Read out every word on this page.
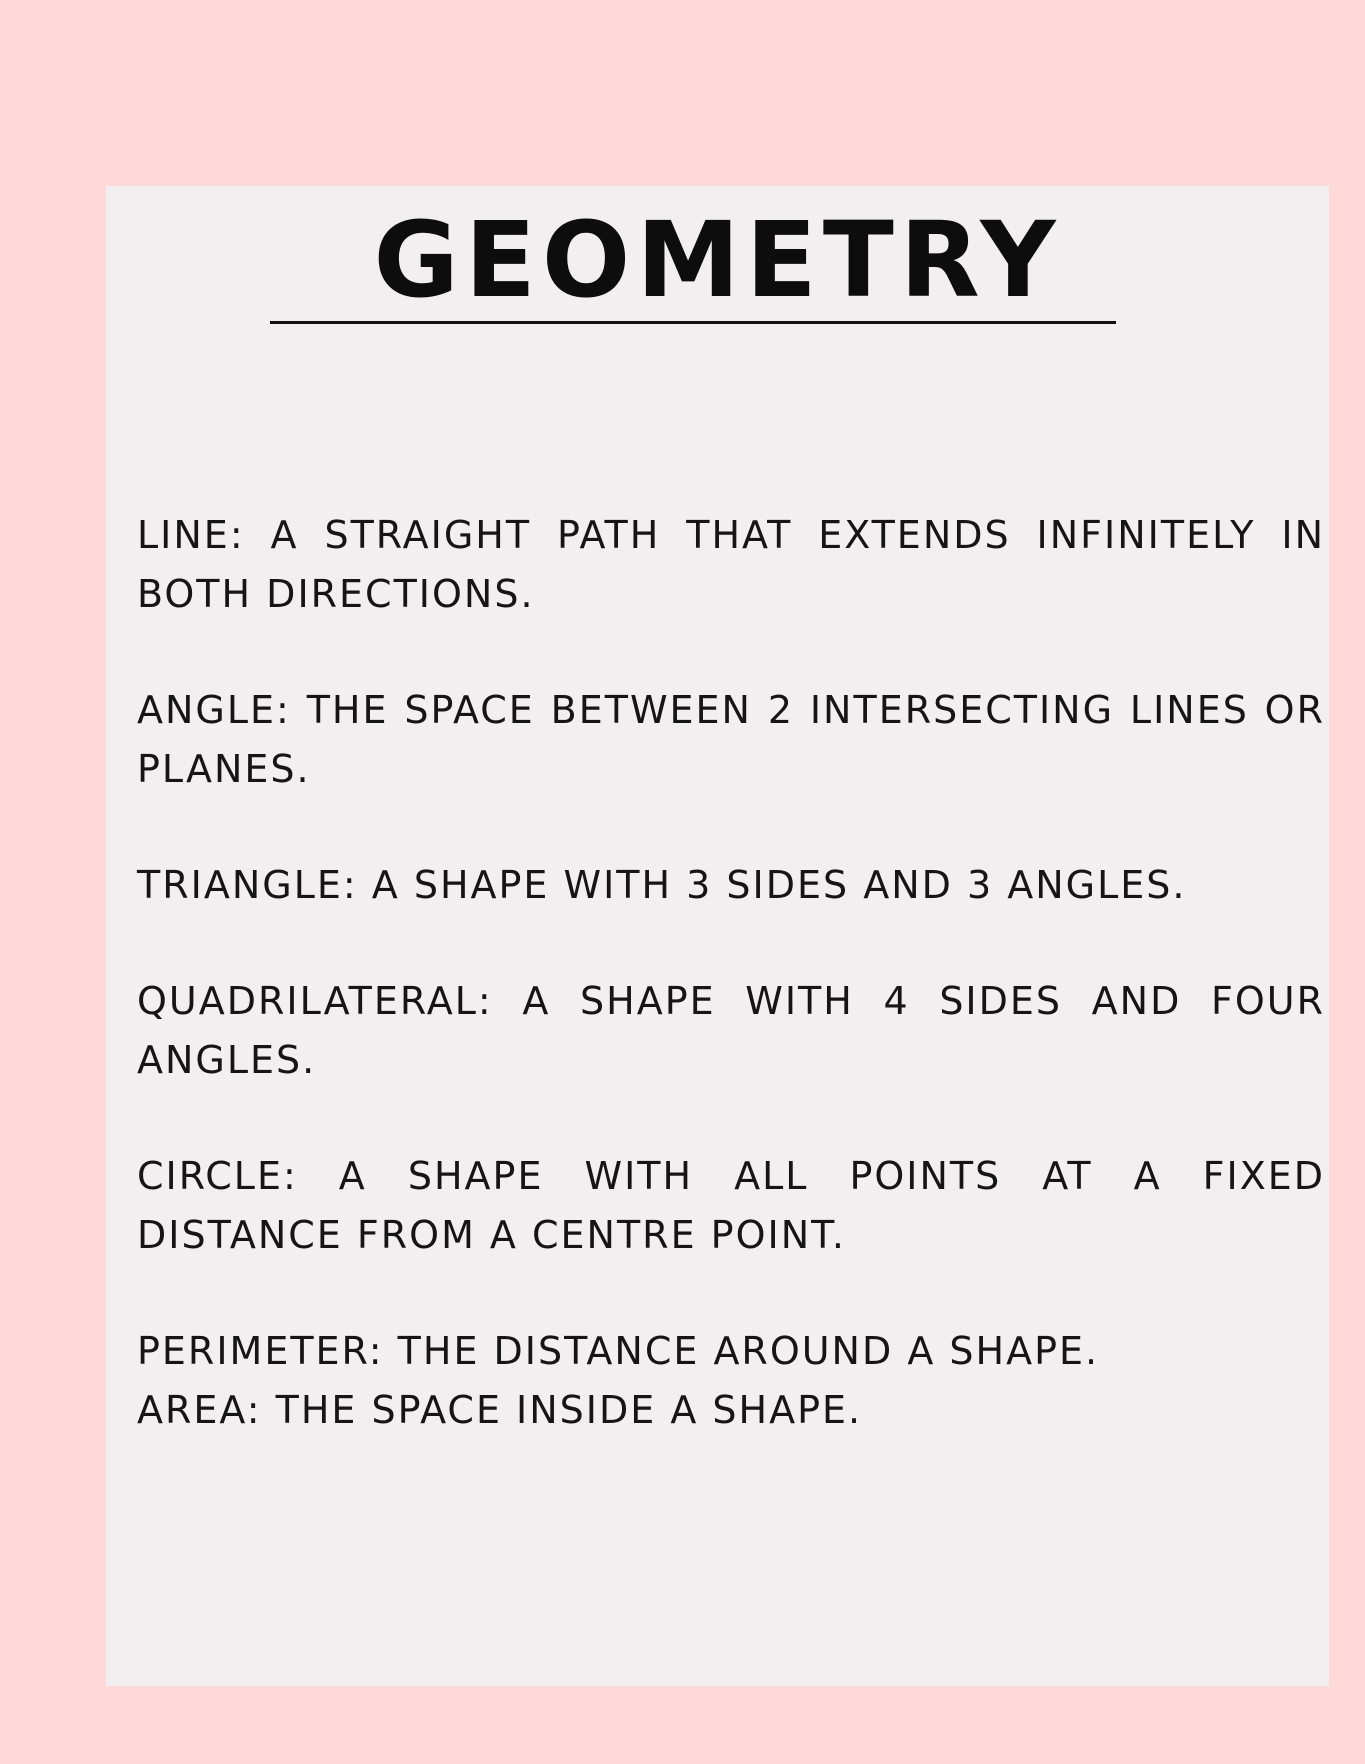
GEOMETRY

LINE: A STRAIGHT PATH THAT EXTENDS INFINITELY IN BOTH DIRECTIONS.

ANGLE: THE SPACE BETWEEN 2 INTERSECTING LINES OR PLANES.

TRIANGLE: A SHAPE WITH 3 SIDES AND 3 ANGLES.

QUADRILATERAL: A SHAPE WITH 4 SIDES AND FOUR ANGLES.

CIRCLE: A SHAPE WITH ALL POINTS AT A FIXED DISTANCE FROM A CENTRE POINT.

PERIMETER: THE DISTANCE AROUND A SHAPE.

AREA: THE SPACE INSIDE A SHAPE.
